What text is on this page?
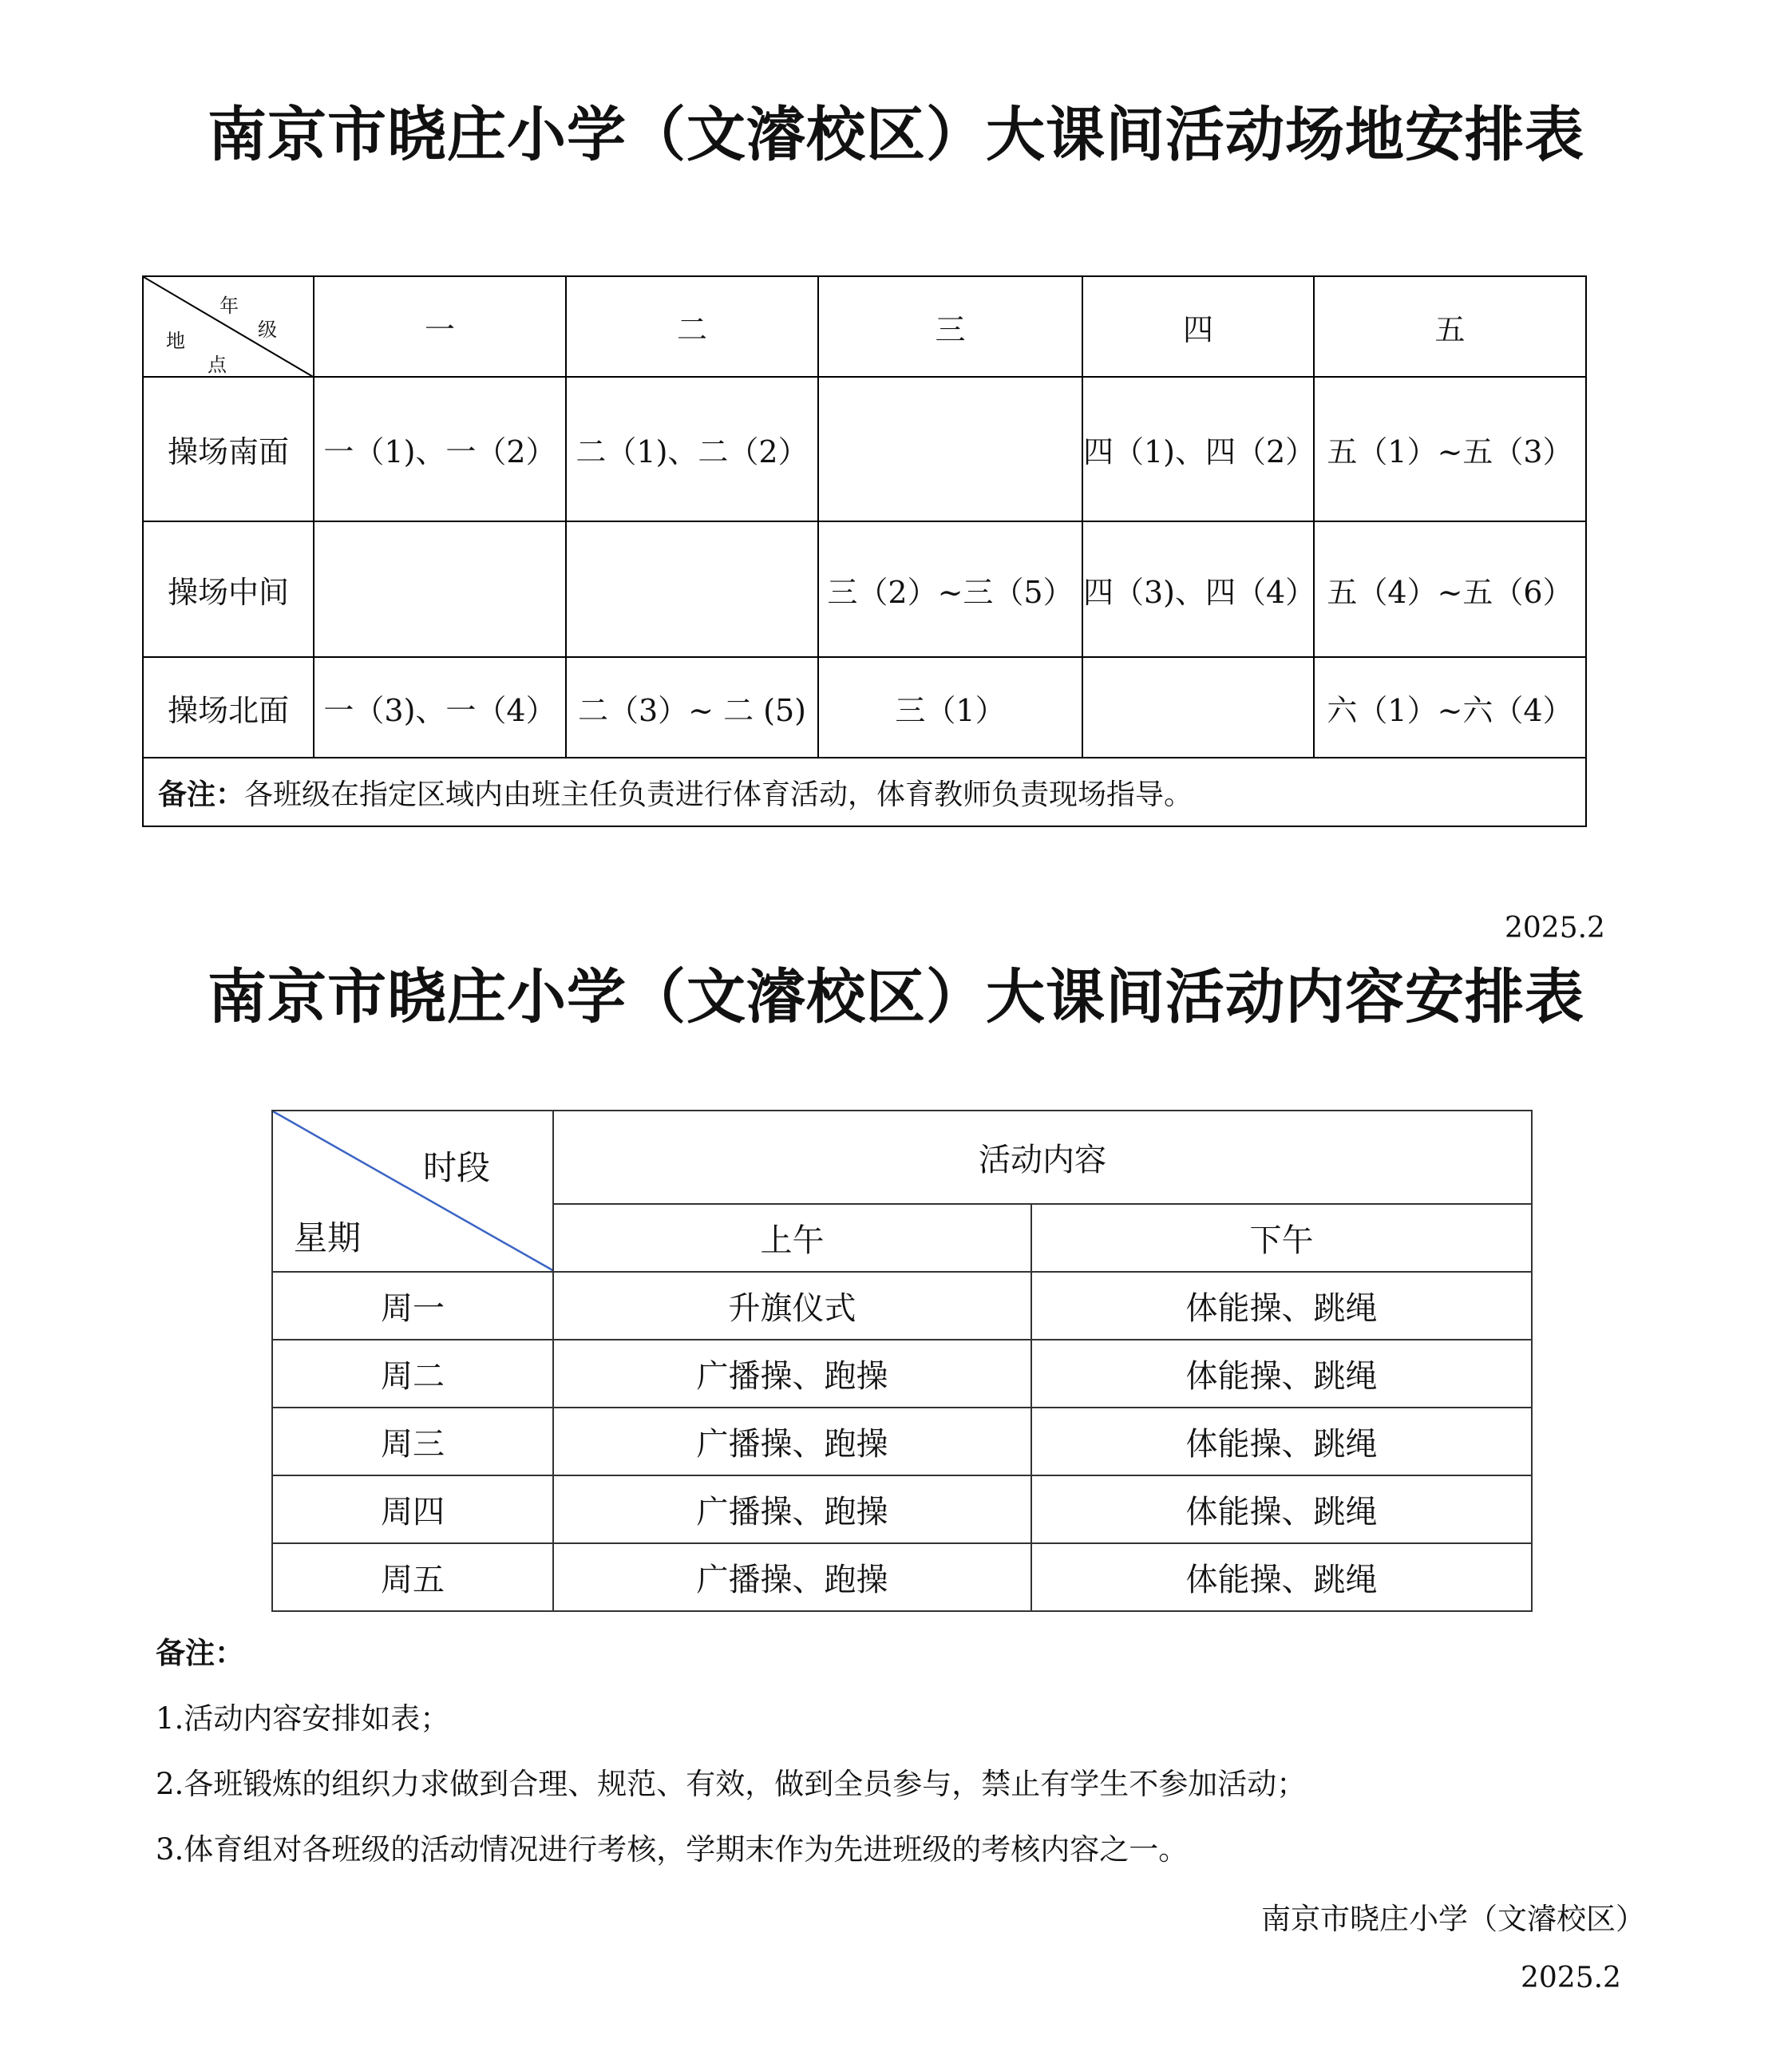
南京市晓庄小学（文濬校区）大课间活动场地安排表
年
级
地
点	一	二	三	四	五
操场南面	一（1)、一（2）	二（1)、二（2）		四（1)、四（2）	五（1）~五（3）
操场中间			三（2）~三（5）	四（3)、四（4）	五（4）~五（6）
操场北面	一（3)、一（4）	二（3）~ 二 (5)	三（1）		六（1）~六（4）
备注：各班级在指定区域内由班主任负责进行体育活动，体育教师负责现场指导。					
2025.2
南京市晓庄小学（文濬校区）大课间活动内容安排表
时段
星期	活动内容	
	上午	下午
周一	升旗仪式	体能操、跳绳
周二	广播操、跑操	体能操、跳绳
周三	广播操、跑操	体能操、跳绳
周四	广播操、跑操	体能操、跳绳
周五	广播操、跑操	体能操、跳绳
备注：
1.活动内容安排如表；
2.各班锻炼的组织力求做到合理、规范、有效，做到全员参与，禁止有学生不参加活动；
3.体育组对各班级的活动情况进行考核，学期末作为先进班级的考核内容之一。
南京市晓庄小学（文濬校区）
2025.2
